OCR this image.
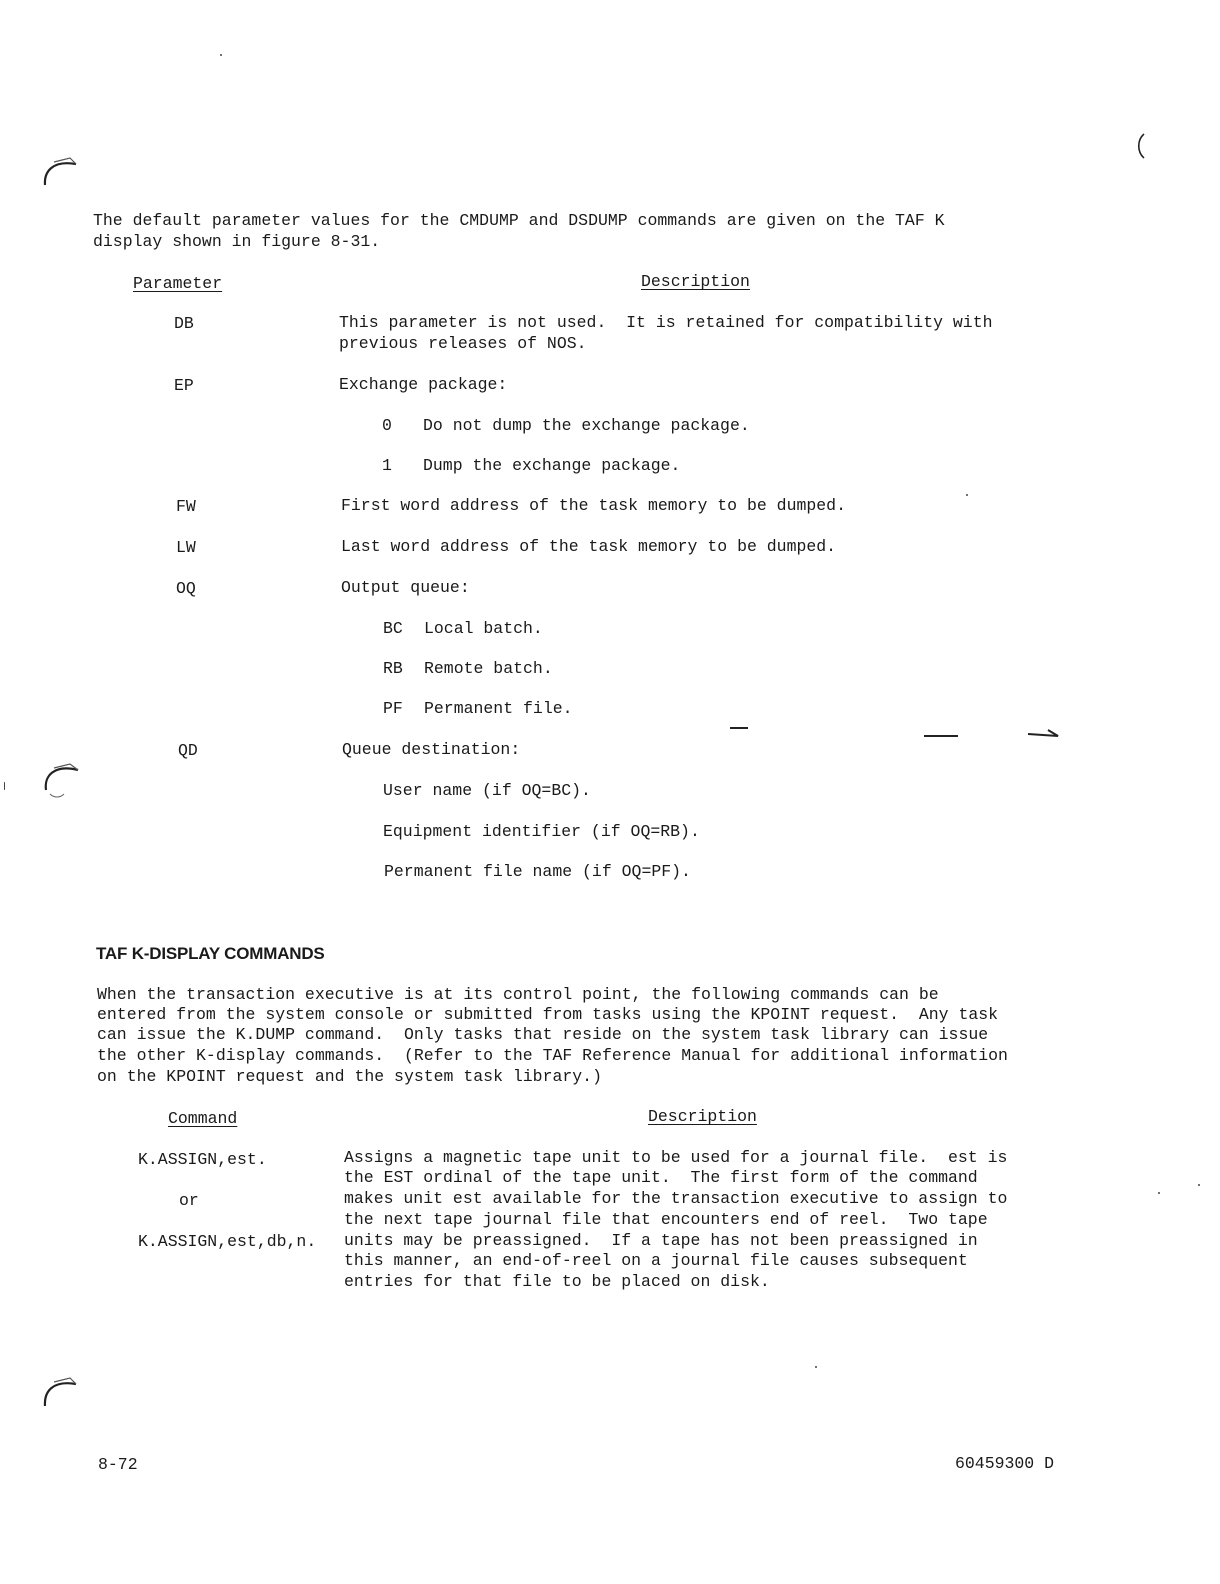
The default parameter values for the CMDUMP and DSDUMP commands are given on the TAF K
display shown in figure 8-31.
Parameter	Description
DB	This parameter is not used.  It is retained for compatibility with
previous releases of NOS.
EP	Exchange package:
0 Do not dump the exchange package.
1 Dump the exchange package.
FW	First word address of the task memory to be dumped.
LW	Last word address of the task memory to be dumped.
OQ	Output queue:
BC Local batch.
RB Remote batch.
PF Permanent file.
QD	Queue destination:
User name (if OQ=BC).
Equipment identifier (if OQ=RB).
Permanent file name (if OQ=PF).
TAF K-DISPLAY COMMANDS
When the transaction executive is at its control point, the following commands can be
entered from the system console or submitted from tasks using the KPOINT request.  Any task
can issue the K.DUMP command.  Only tasks that reside on the system task library can issue
the other K-display commands.  (Refer to the TAF Reference Manual for additional information
on the KPOINT request and the system task library.)
Command	Description
K.ASSIGN,est.
or
K.ASSIGN,est,db,n.
Assigns a magnetic tape unit to be used for a journal file.  est is
the EST ordinal of the tape unit.  The first form of the command
makes unit est available for the transaction executive to assign to
the next tape journal file that encounters end of reel.  Two tape
units may be preassigned.  If a tape has not been preassigned in
this manner, an end-of-reel on a journal file causes subsequent
entries for that file to be placed on disk.
8-72	60459300 D
